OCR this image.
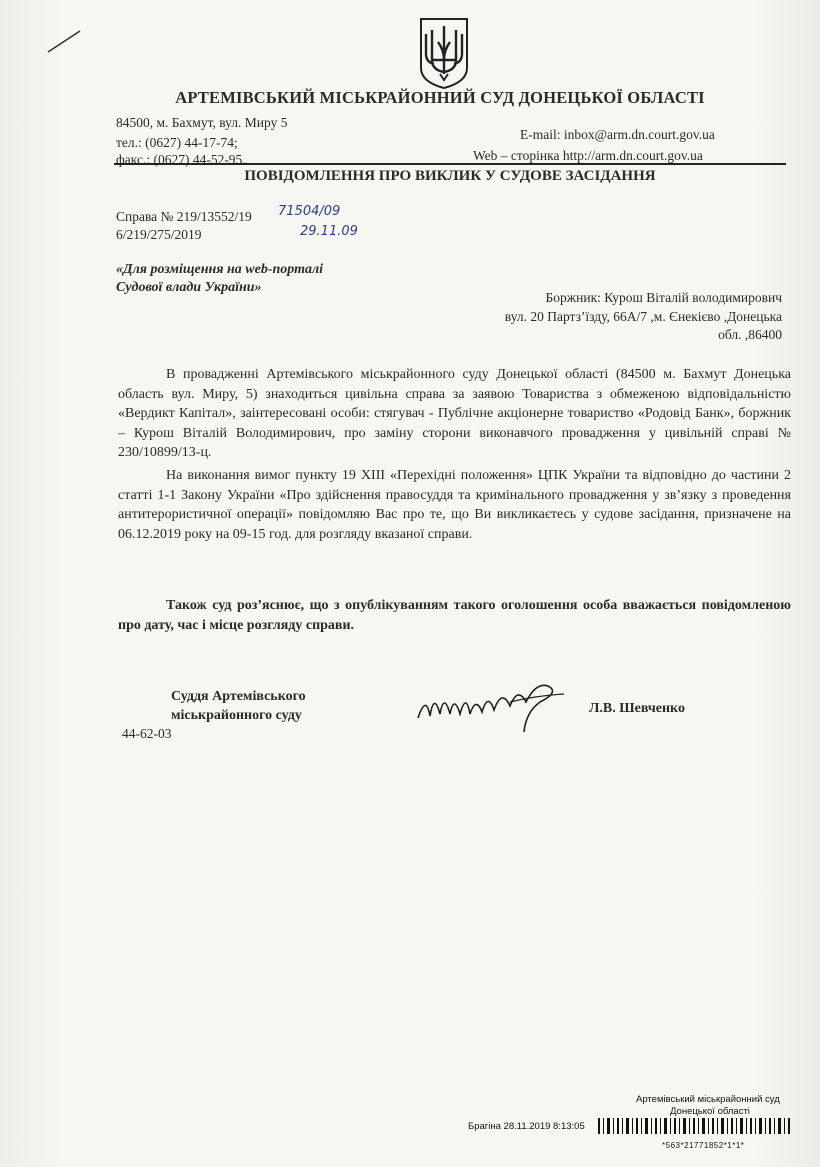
АРТЕМІВСЬКИЙ МІСЬКРАЙОННИЙ СУД ДОНЕЦЬКОЇ ОБЛАСТІ
84500, м. Бахмут, вул. Миру 5
тел.: (0627) 44-17-74;
факс.: (0627) 44-52-95.
E-mail: inbox@arm.dn.court.gov.ua
Web – сторінка http://arm.dn.court.gov.ua
ПОВІДОМЛЕННЯ ПРО ВИКЛИК У СУДОВЕ ЗАСІДАННЯ
Справа № 219/13552/19
6/219/275/2019
71504/09
29.11.09
«Для розміщення на web-порталі
Судової влади України»
Боржник: Курош Віталій володимирович
вул. 20 Партз’їзду, 66А/7 ,м. Єнекієво ,Донецька
обл. ,86400
В провадженні Артемівського міськрайонного суду Донецької області (84500 м. Бахмут Донецька область вул. Миру, 5) знаходиться цивільна справа за заявою Товариства з обмеженою відповідальністю «Вердикт Капітал», заінтересовані особи: стягувач - Публічне акціонерне товариство «Родовід Банк», боржник – Курош Віталій Володимирович, про заміну сторони виконавчого провадження у цивільній справі № 230/10899/13-ц.
На виконання вимог пункту 19 ХІІІ «Перехідні положення» ЦПК України та відповідно до частини 2 статті 1-1 Закону України «Про здійснення правосуддя та кримінального провадження у зв’язку з проведення антитерористичної операції» повідомляю Вас про те, що Ви викликаєтесь у судове засідання, призначене на 06.12.2019 року на 09-15 год. для розгляду вказаної справи.
Також суд роз’яснює, що з опублікуванням такого оголошення особа вважається повідомленою про дату, час і місце розгляду справи.
Суддя Артемівського
міськрайонного суду
44-62-03
Л.В. Шевченко
Артемівський міськрайонний суд
Донецької області
Брагіна 28.11.2019 8:13:05
*563*21771852*1*1*
